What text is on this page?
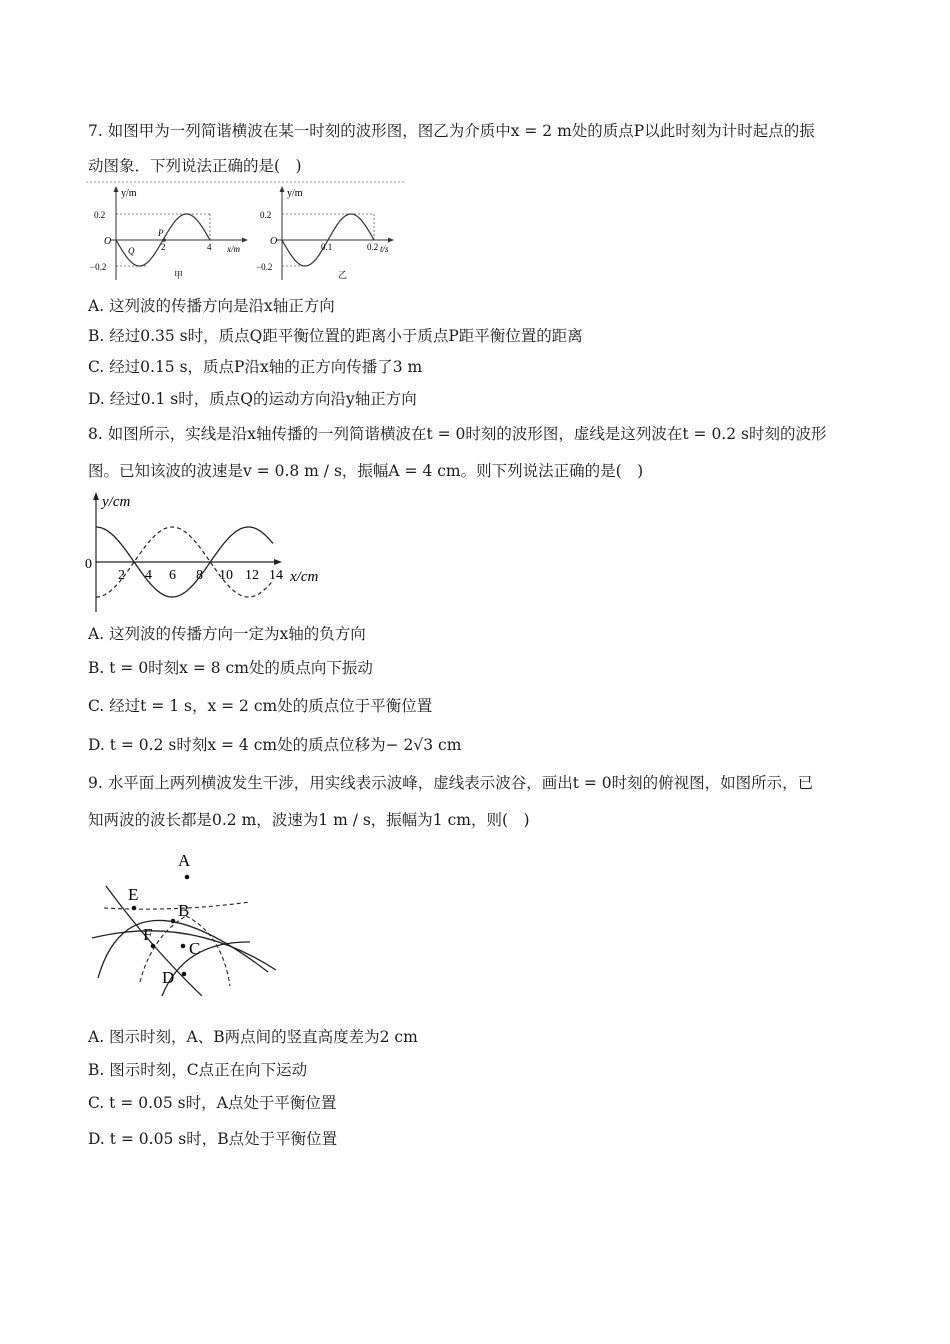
7. 如图甲为一列简谐横波在某一时刻的波形图，图乙为介质中x = 2 m处的质点P以此时刻为计时起点的振
动图象．下列说法正确的是(　)
y/m
0.2
−0.2
O	2	4 x/m
Q
P
甲
y/m
0.2
−0.2
O	0.1	0.2 t/s
乙
A. 这列波的传播方向是沿x轴正方向
B. 经过0.35 s时，质点Q距平衡位置的距离小于质点P距平衡位置的距离
C. 经过0.15 s，质点P沿x轴的正方向传播了3 m
D. 经过0.1 s时，质点Q的运动方向沿y轴正方向
8. 如图所示，实线是沿x轴传播的一列简谐横波在t = 0时刻的波形图，虚线是这列波在t = 0.2 s时刻的波形
图。已知该波的波速是v = 0.8 m / s，振幅A = 4 cm。则下列说法正确的是(　)
y/cm
0
2 4 6 8 10 12 14 x/cm
A. 这列波的传播方向一定为x轴的负方向
B. t = 0时刻x = 8 cm处的质点向下振动
C. 经过t = 1 s，x = 2 cm处的质点位于平衡位置
D. t = 0.2 s时刻x = 4 cm处的质点位移为− 2√3 cm
9. 水平面上两列横波发生干涉，用实线表示波峰，虚线表示波谷，画出t = 0时刻的俯视图，如图所示，已
知两波的波长都是0.2 m，波速为1 m / s，振幅为1 cm，则(　)
A
B
C
D
E
F
A. 图示时刻，A、B两点间的竖直高度差为2 cm
B. 图示时刻，C点正在向下运动
C. t = 0.05 s时，A点处于平衡位置
D. t = 0.05 s时，B点处于平衡位置
